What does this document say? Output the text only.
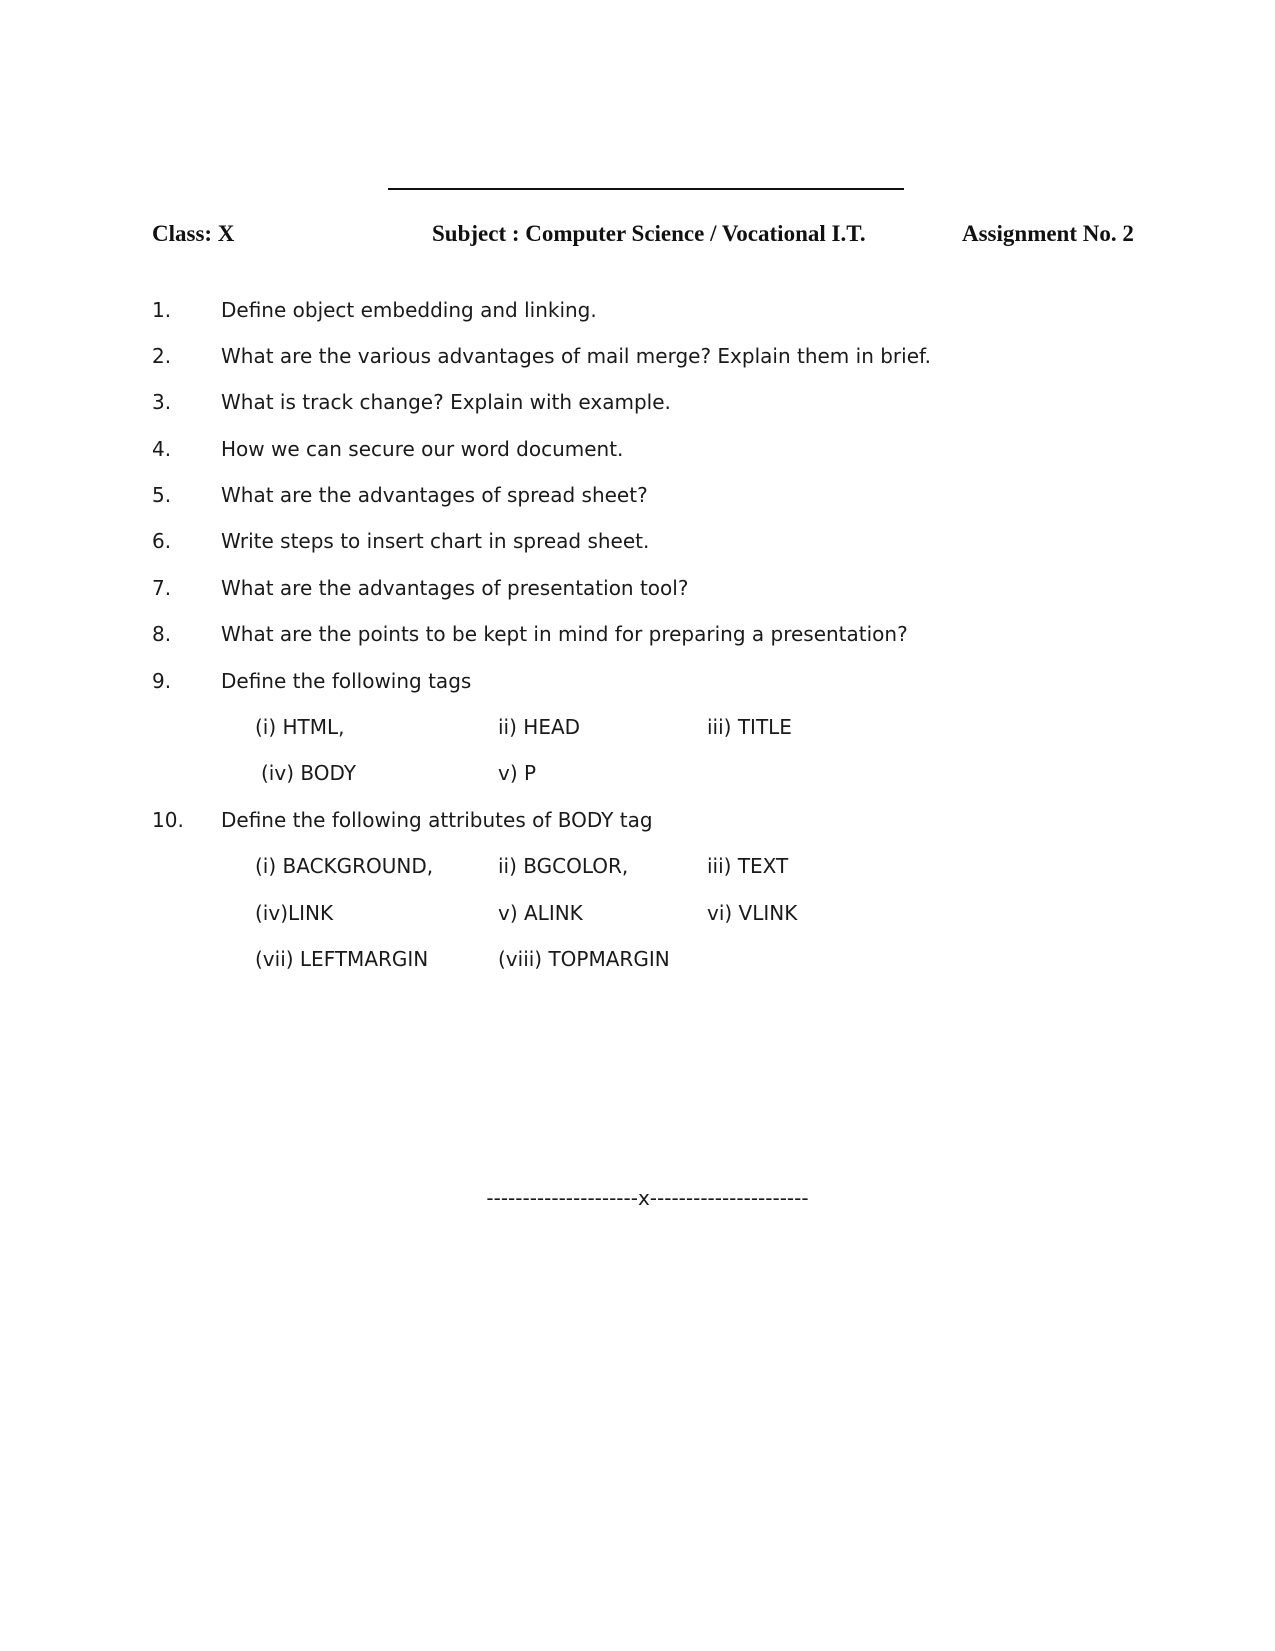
Class: X	Subject : Computer Science / Vocational I.T.	Assignment No. 2
1. Define object embedding and linking.
2. What are the various advantages of mail merge? Explain them in brief.
3. What is track change? Explain with example.
4. How we can secure our word document.
5. What are the advantages of spread sheet?
6. Write steps to insert chart in spread sheet.
7. What are the advantages of presentation tool?
8. What are the points to be kept in mind for preparing a presentation?
9. Define the following tags
(i) HTML,	ii) HEAD	iii) TITLE
(iv) BODY	v) P
10. Define the following attributes of BODY tag
(i) BACKGROUND,	ii) BGCOLOR,	iii) TEXT
(iv)LINK	v) ALINK	vi) VLINK
(vii) LEFTMARGIN	(viii) TOPMARGIN
---------------------x----------------------
